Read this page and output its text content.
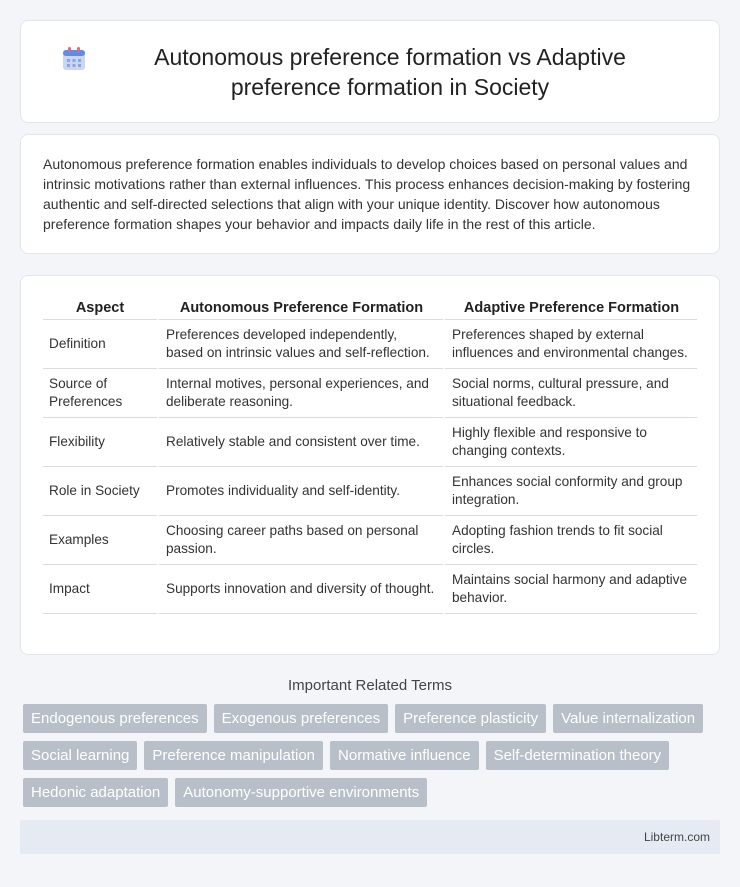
Autonomous preference formation vs Adaptive preference formation in Society

Autonomous preference formation enables individuals to develop choices based on personal values and intrinsic motivations rather than external influences. This process enhances decision-making by fostering authentic and self-directed selections that align with your unique identity. Discover how autonomous preference formation shapes your behavior and impacts daily life in the rest of this article.

Aspect	Autonomous Preference Formation	Adaptive Preference Formation
Definition	Preferences developed independently, based on intrinsic values and self-reflection.	Preferences shaped by external influences and environmental changes.
Source of Preferences	Internal motives, personal experiences, and deliberate reasoning.	Social norms, cultural pressure, and situational feedback.
Flexibility	Relatively stable and consistent over time.	Highly flexible and responsive to changing contexts.
Role in Society	Promotes individuality and self-identity.	Enhances social conformity and group integration.
Examples	Choosing career paths based on personal passion.	Adopting fashion trends to fit social circles.
Impact	Supports innovation and diversity of thought.	Maintains social harmony and adaptive behavior.
Important Related Terms
Endogenous preferences	Exogenous preferences	Preference plasticity	Value internalization
Social learning	Preference manipulation	Normative influence	Self-determination theory
Hedonic adaptation	Autonomy-supportive environments
Libterm.com
